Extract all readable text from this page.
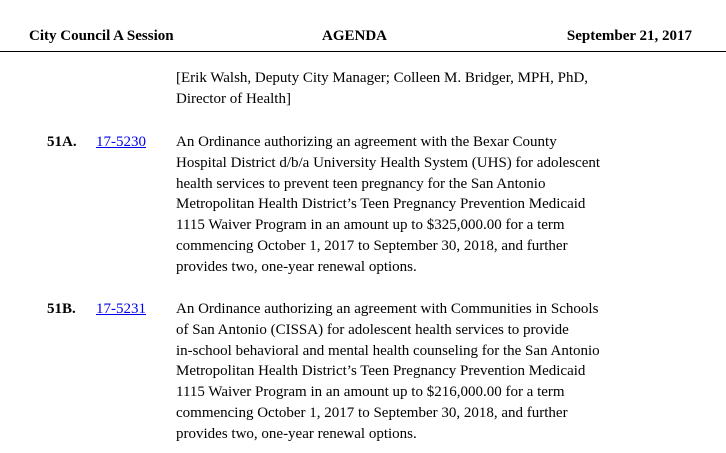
City Council A Session	AGENDA	September 21, 2017
[Erik Walsh, Deputy City Manager; Colleen M. Bridger, MPH, PhD,
Director of Health]
51A. 17-5230 An Ordinance authorizing an agreement with the Bexar County
Hospital District d/b/a University Health System (UHS) for adolescent
health services to prevent teen pregnancy for the San Antonio
Metropolitan Health District’s Teen Pregnancy Prevention Medicaid
1115 Waiver Program in an amount up to $325,000.00 for a term
commencing October 1, 2017 to September 30, 2018, and further
provides two, one-year renewal options.
51B. 17-5231 An Ordinance authorizing an agreement with Communities in Schools
of San Antonio (CISSA) for adolescent health services to provide
in-school behavioral and mental health counseling for the San Antonio
Metropolitan Health District’s Teen Pregnancy Prevention Medicaid
1115 Waiver Program in an amount up to $216,000.00 for a term
commencing October 1, 2017 to September 30, 2018, and further
provides two, one-year renewal options.
